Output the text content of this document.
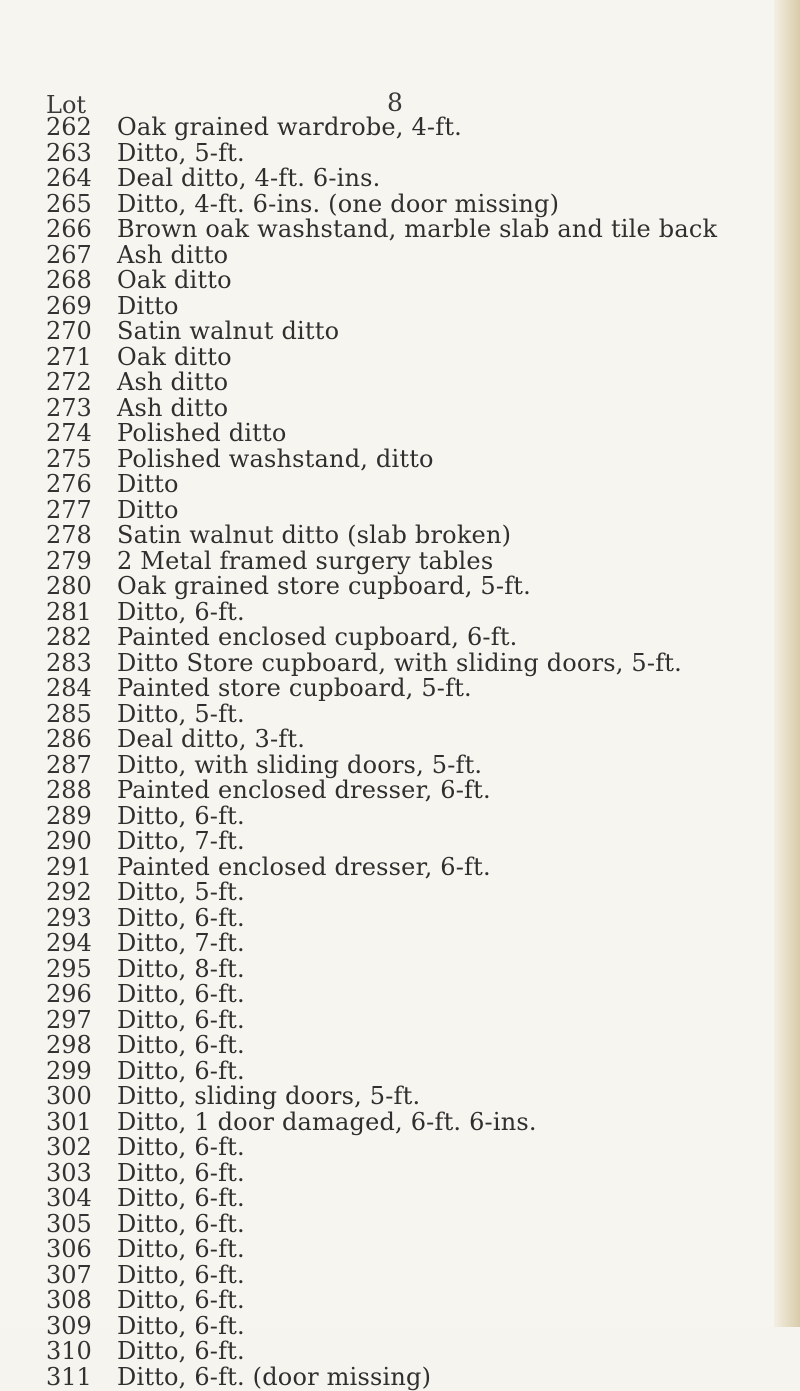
8
Lot
262	Oak grained wardrobe, 4-ft.
263	Ditto, 5-ft.
264	Deal ditto, 4-ft. 6-ins.
265	Ditto, 4-ft. 6-ins. (one door missing)
266	Brown oak washstand, marble slab and tile back
267	Ash ditto
268	Oak ditto
269	Ditto
270	Satin walnut ditto
271	Oak ditto
272	Ash ditto
273	Ash ditto
274	Polished ditto
275	Polished washstand, ditto
276	Ditto
277	Ditto
278	Satin walnut ditto (slab broken)
279	2 Metal framed surgery tables
280	Oak grained store cupboard, 5-ft.
281	Ditto, 6-ft.
282	Painted enclosed cupboard, 6-ft.
283	Ditto Store cupboard, with sliding doors, 5-ft.
284	Painted store cupboard, 5-ft.
285	Ditto, 5-ft.
286	Deal ditto, 3-ft.
287	Ditto, with sliding doors, 5-ft.
288	Painted enclosed dresser, 6-ft.
289	Ditto, 6-ft.
290	Ditto, 7-ft.
291	Painted enclosed dresser, 6-ft.
292	Ditto, 5-ft.
293	Ditto, 6-ft.
294	Ditto, 7-ft.
295	Ditto, 8-ft.
296	Ditto, 6-ft.
297	Ditto, 6-ft.
298	Ditto, 6-ft.
299	Ditto, 6-ft.
300	Ditto, sliding doors, 5-ft.
301	Ditto, 1 door damaged, 6-ft. 6-ins.
302	Ditto, 6-ft.
303	Ditto, 6-ft.
304	Ditto, 6-ft.
305	Ditto, 6-ft.
306	Ditto, 6-ft.
307	Ditto, 6-ft.
308	Ditto, 6-ft.
309	Ditto, 6-ft.
310	Ditto, 6-ft.
311	Ditto, 6-ft. (door missing)
